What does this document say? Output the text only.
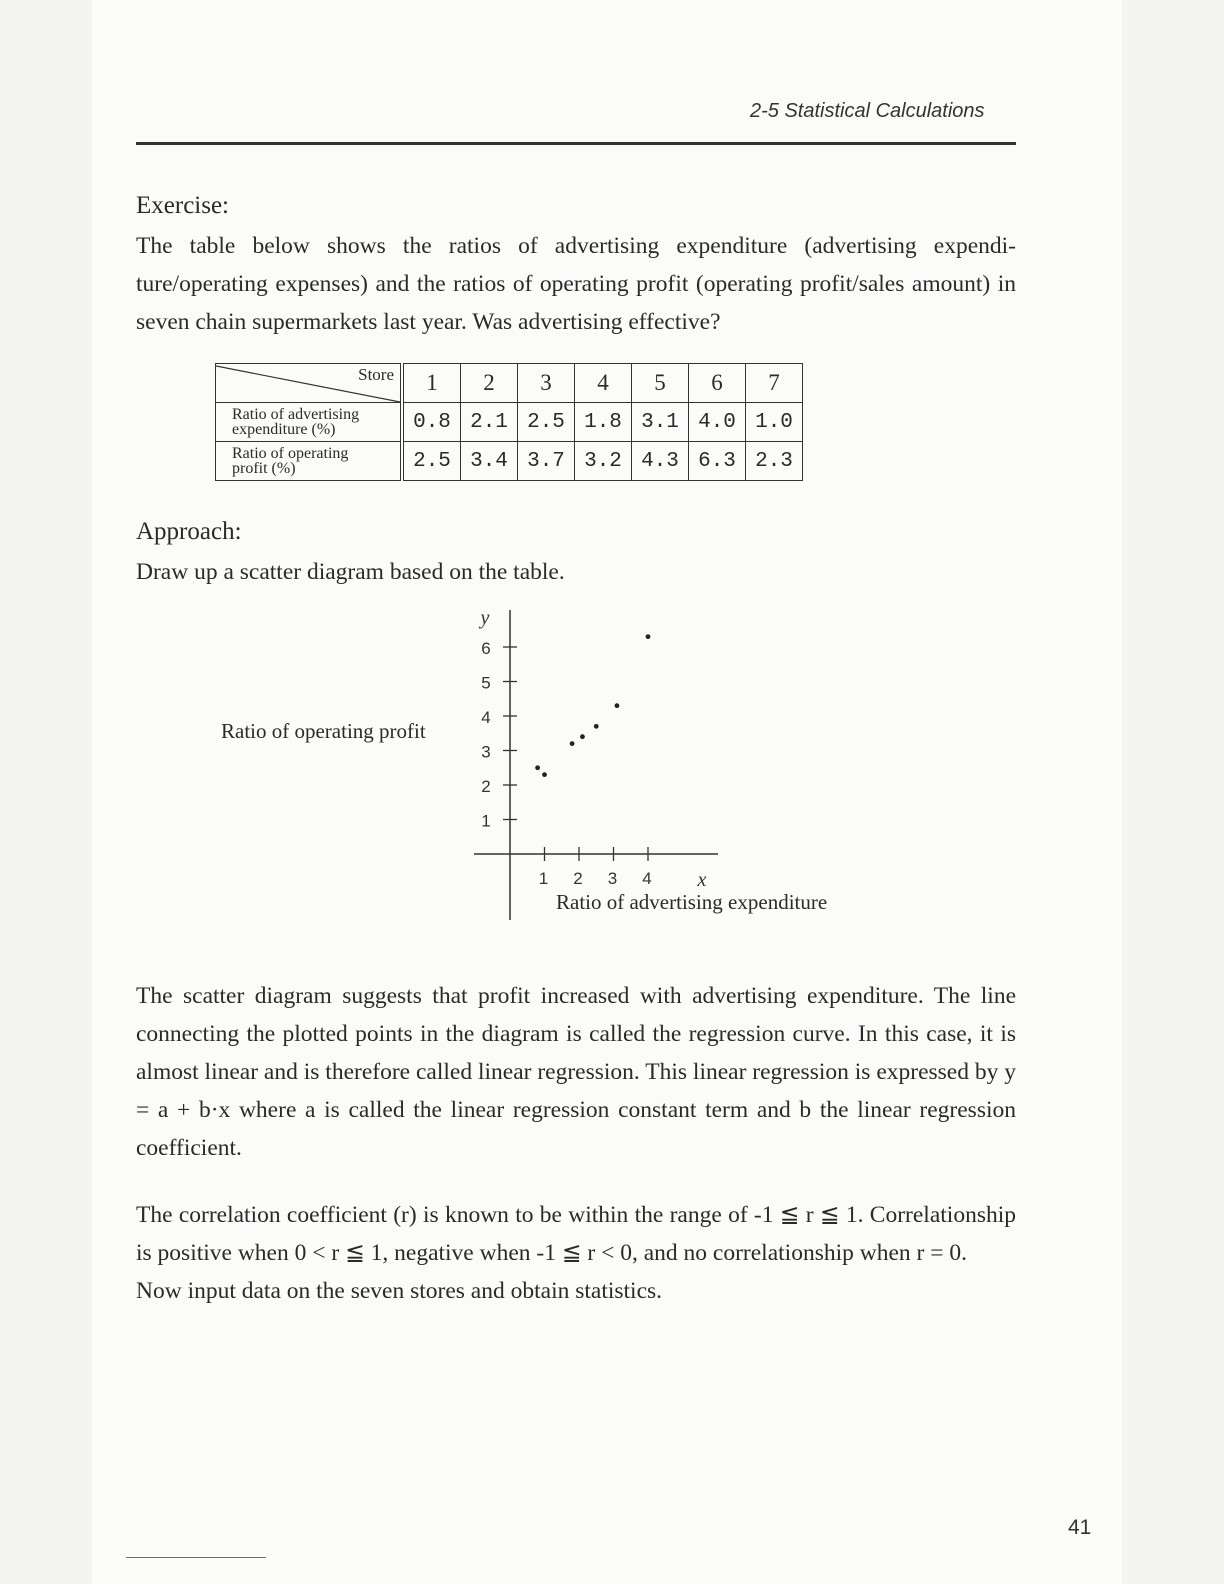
2-5 Statistical Calculations
Exercise:

The table below shows the ratios of advertising expenditure (advertising expenditure/operating expenses) and the ratios of operating profit (operating profit/sales amount) in seven chain supermarkets last year. Was advertising effective?

Store	1	2	3	4	5	6	7

Ratio of advertising
expenditure (%)	0.8	2.1	2.5	1.8	3.1	4.0	1.0

Ratio of operating
profit (%)	2.5	3.4	3.7	3.2	4.3	6.3	2.3
Approach:

Draw up a scatter diagram based on the table.

Ratio of operating profit
Ratio of advertising expenditure
y
x
1
2
3
4
5
6
1 2 3 4

The scatter diagram suggests that profit increased with advertising expenditure. The line connecting the plotted points in the diagram is called the regression curve. In this case, it is almost linear and is therefore called linear regression. This linear regression is expressed by y = a + b·x where a is called the linear regression constant term and b the linear regression coefficient.

The correlation coefficient (r) is known to be within the range of -1 ≦ r ≦ 1. Correlationship is positive when 0 < r ≦ 1, negative when -1 ≦ r < 0, and no correlationship when r = 0.

Now input data on the seven stores and obtain statistics.

41
